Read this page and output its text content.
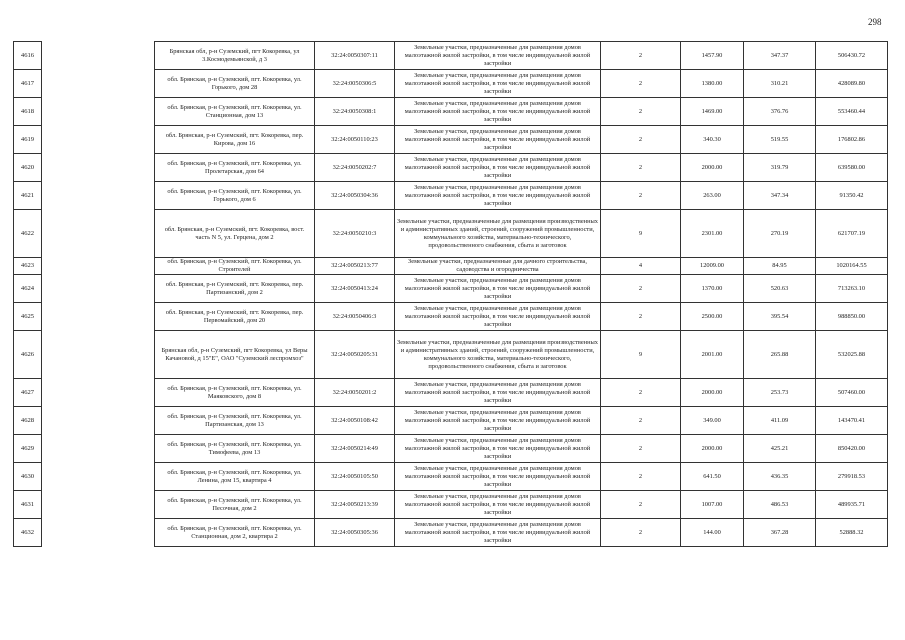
298
4616		Брянская обл, р-н Суземский, пгт Кокоревка, ул 3.Космодемьянской, д 3	32:24:0050307:11	Земельные участки, предназначенные для размещения домов малоэтажной жилой застройки, в том числе индивидуальной жилой застройки	2	1457.90	347.37	506430.72
4617		обл. Брянская, р-н Суземский, пгт. Кокоревка, ул. Горького, дом 28	32:24:0050306:5	Земельные участки, предназначенные для размещения домов малоэтажной жилой застройки, в том числе индивидуальной жилой застройки	2	1380.00	310.21	428089.80
4618		обл. Брянская, р-н Суземский, пгт. Кокоревка, ул. Станционная, дом 13	32:24:0050308:1	Земельные участки, предназначенные для размещения домов малоэтажной жилой застройки, в том числе индивидуальной жилой застройки	2	1469.00	376.76	553460.44
4619		обл. Брянская, р-н Суземский, пгт. Кокоревка, пер. Кирова, дом 16	32:24:0050110:23	Земельные участки, предназначенные для размещения домов малоэтажной жилой застройки, в том числе индивидуальной жилой застройки	2	340.30	519.55	176802.86
4620		обл. Брянская, р-н Суземский, пгт. Кокоревка, ул. Пролетарская, дом 64	32:24:0050202:7	Земельные участки, предназначенные для размещения домов малоэтажной жилой застройки, в том числе индивидуальной жилой застройки	2	2000.00	319.79	639580.00
4621		обл. Брянская, р-н Суземский, пгт. Кокоревка, ул. Горького, дом 6	32:24:0050304:36	Земельные участки, предназначенные для размещения домов малоэтажной жилой застройки, в том числе индивидуальной жилой застройки	2	263.00	347.34	91350.42
4622		обл. Брянская, р-н Суземский, пгт. Кокоревка, вост. часть N 5, ул. Герцена, дом 2	32:24:0050210:3	Земельные участки, предназначенные для размещения производственных и административных зданий, строений, сооружений промышленности, коммунального хозяйства, материально-технического, продовольственного снабжения, сбыта и заготовок	9	2301.00	270.19	621707.19
4623		обл. Брянская, р-н Суземский, пгт. Кокоревка, ул. Строителей	32:24:0050213:77	Земельные участки, предназначенные для дачного строительства, садоводства и огородничества	4	12009.00	84.95	1020164.55
4624		обл. Брянская, р-н Суземский, пгт. Кокоревка, пер. Партизанский, дом 2	32:24:0050413:24	Земельные участки, предназначенные для размещения домов малоэтажной жилой застройки, в том числе индивидуальной жилой застройки	2	1370.00	520.63	713263.10
4625		обл. Брянская, р-н Суземский, пгт. Кокоревка, пер. Первомайский, дом 20	32:24:0050406:3	Земельные участки, предназначенные для размещения домов малоэтажной жилой застройки, в том числе индивидуальной жилой застройки	2	2500.00	395.54	988850.00
4626		Брянская обл, р-н Суземский, пгт Кокоревка, ул Веры Качановой, д 15"Е", ОАО "Суземский леспромхоз"	32:24:0050205:31	Земельные участки, предназначенные для размещения производственных и административных зданий, строений, сооружений промышленности, коммунального хозяйства, материально-технического, продовольственного снабжения, сбыта и заготовок	9	2001.00	265.88	532025.88
4627		обл. Брянская, р-н Суземский, пгт. Кокоревка, ул. Маяковского, дом 8	32:24:0050201:2	Земельные участки, предназначенные для размещения домов малоэтажной жилой застройки, в том числе индивидуальной жилой застройки	2	2000.00	253.73	507460.00
4628		обл. Брянская, р-н Суземский, пгт. Кокоревка, ул. Партизанская, дом 13	32:24:0050108:42	Земельные участки, предназначенные для размещения домов малоэтажной жилой застройки, в том числе индивидуальной жилой застройки	2	349.00	411.09	143470.41
4629		обл. Брянская, р-н Суземский, пгт. Кокоревка, ул. Тимофеева, дом 13	32:24:0050214:49	Земельные участки, предназначенные для размещения домов малоэтажной жилой застройки, в том числе индивидуальной жилой застройки	2	2000.00	425.21	850420.00
4630		обл. Брянская, р-н Суземский, пгт. Кокоревка, ул. Ленина, дом 15, квартира 4	32:24:0050105:50	Земельные участки, предназначенные для размещения домов малоэтажной жилой застройки, в том числе индивидуальной жилой застройки	2	641.50	436.35	279918.53
4631		обл. Брянская, р-н Суземский, пгт. Кокоревка, ул. Песочная, дом 2	32:24:0050213:39	Земельные участки, предназначенные для размещения домов малоэтажной жилой застройки, в том числе индивидуальной жилой застройки	2	1007.00	486.53	489935.71
4632		обл. Брянская, р-н Суземский, пгт. Кокоревка, ул. Станционная, дом 2, квартира 2	32:24:0050305:36	Земельные участки, предназначенные для размещения домов малоэтажной жилой застройки, в том числе индивидуальной жилой застройки	2	144.00	367.28	52888.32
